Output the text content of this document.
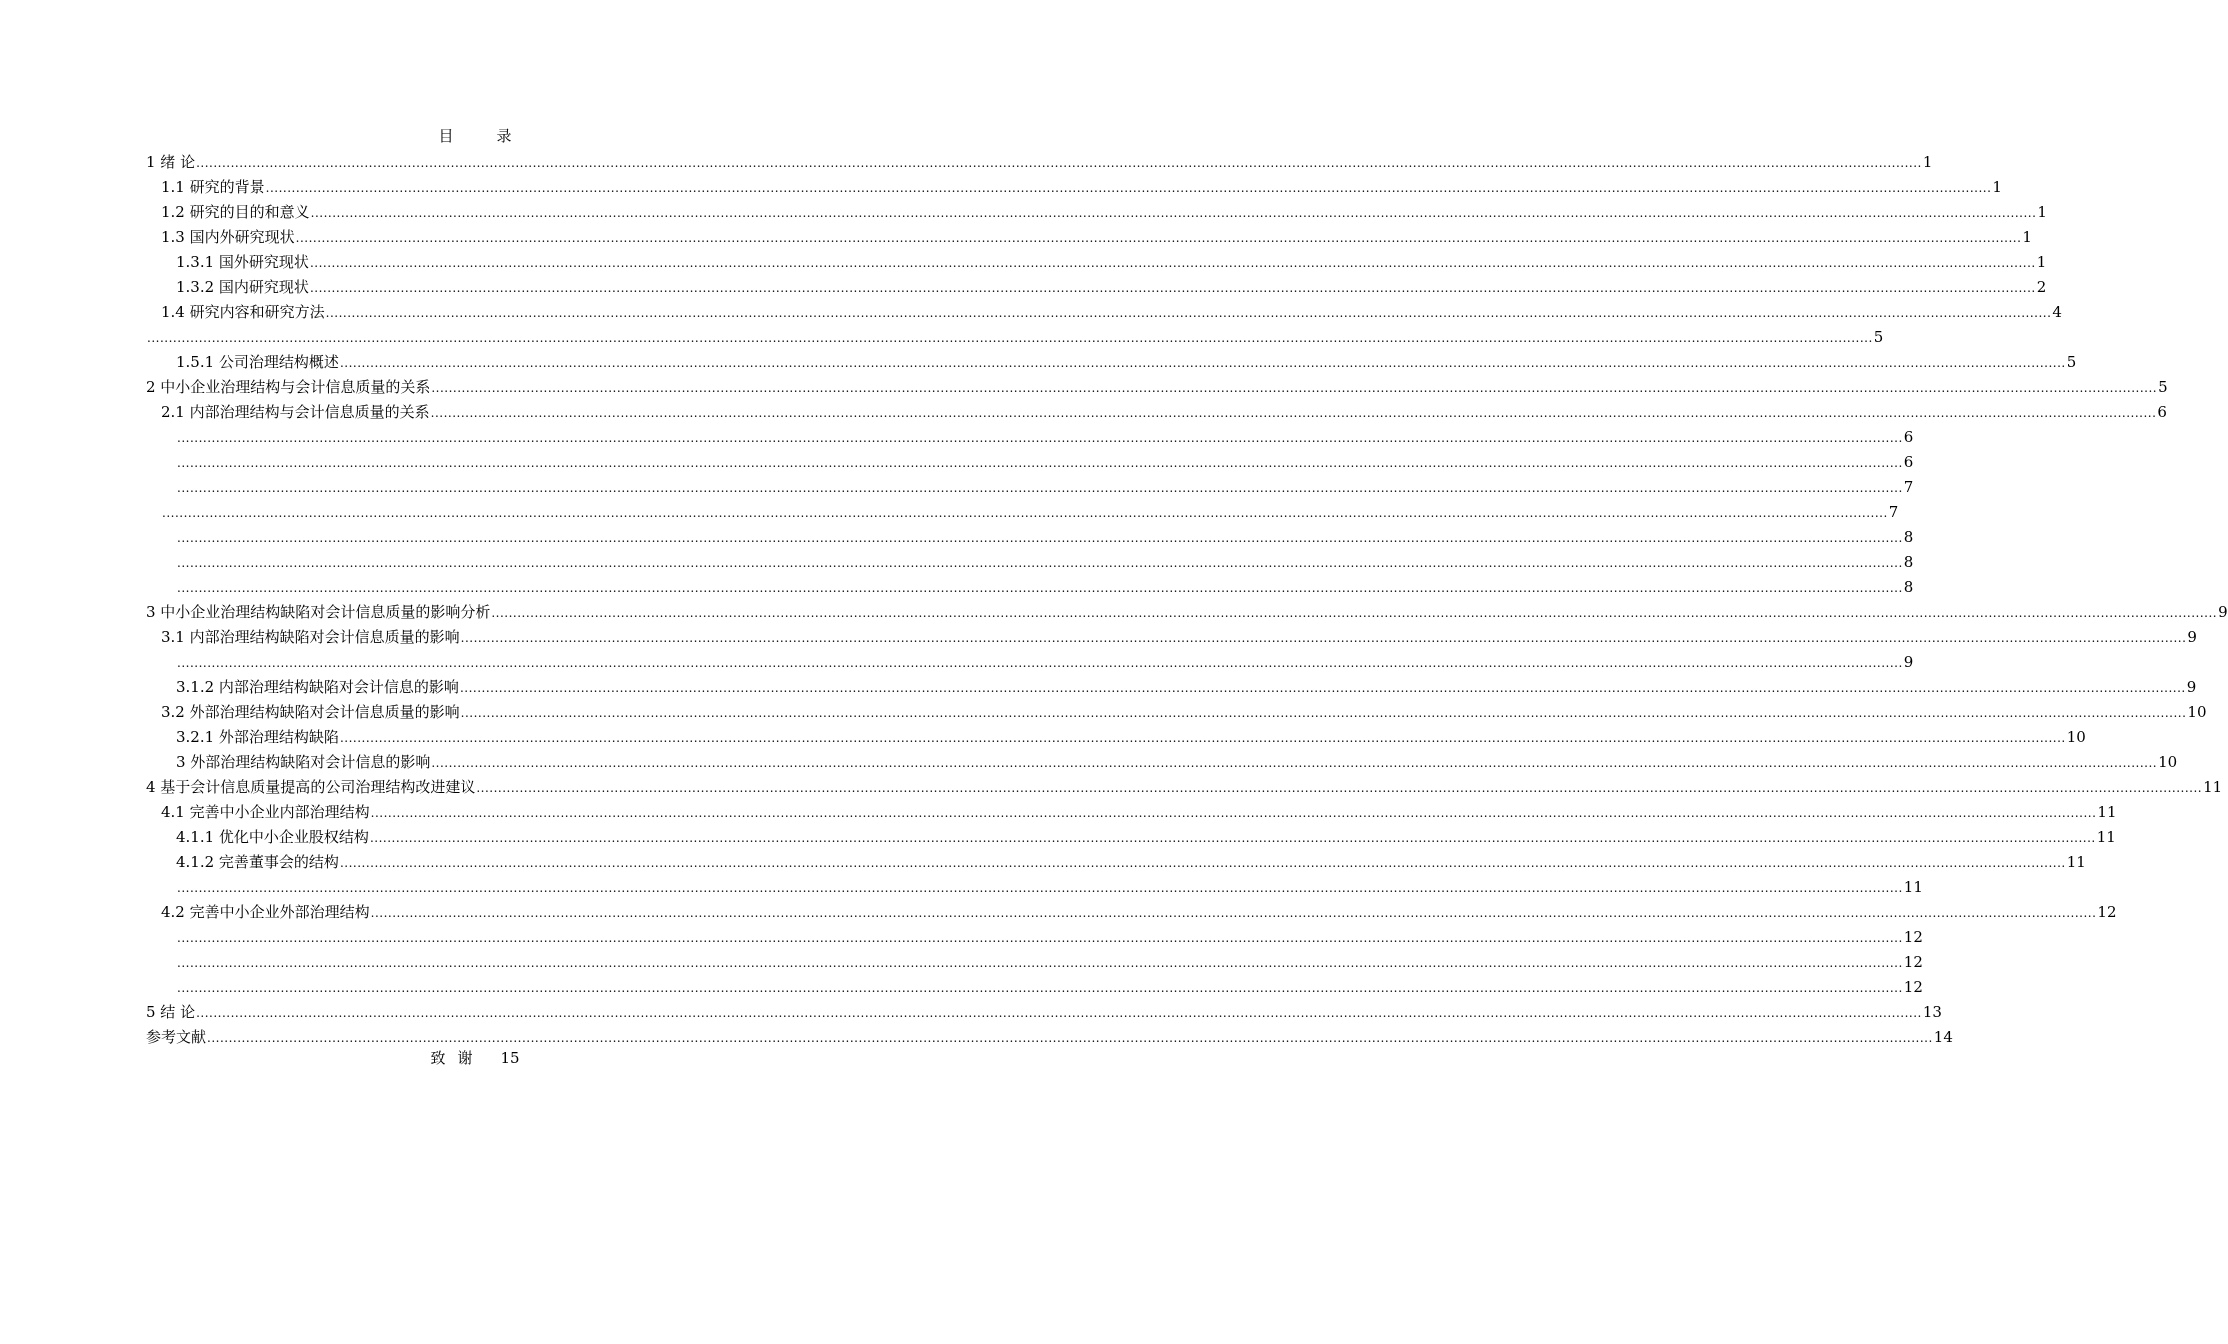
目　录
1 绪 论 ................................................................................................................................................................................................................................................................................................................................................................................................................ 1
1.1 研究的背景 ................................................................................................................................................................................................................................................................................................................................................................................................................ 1
1.2 研究的目的和意义 ................................................................................................................................................................................................................................................................................................................................................................................................................ 1
1.3 国内外研究现状 ................................................................................................................................................................................................................................................................................................................................................................................................................ 1
1.3.1 国外研究现状 ................................................................................................................................................................................................................................................................................................................................................................................................................ 1
1.3.2 国内研究现状 ................................................................................................................................................................................................................................................................................................................................................................................................................ 2
1.4 研究内容和研究方法 ................................................................................................................................................................................................................................................................................................................................................................................................................ 4
................................................................................................................................................................................................................................................................................................................................................................................................................ 5
1.5.1 公司治理结构概述 ................................................................................................................................................................................................................................................................................................................................................................................................................ 5
2 中小企业治理结构与会计信息质量的关系 ................................................................................................................................................................................................................................................................................................................................................................................................................ 5
2.1 内部治理结构与会计信息质量的关系 ................................................................................................................................................................................................................................................................................................................................................................................................................ 6
................................................................................................................................................................................................................................................................................................................................................................................................................ 6
................................................................................................................................................................................................................................................................................................................................................................................................................ 6
................................................................................................................................................................................................................................................................................................................................................................................................................ 7
................................................................................................................................................................................................................................................................................................................................................................................................................ 7
................................................................................................................................................................................................................................................................................................................................................................................................................ 8
................................................................................................................................................................................................................................................................................................................................................................................................................ 8
................................................................................................................................................................................................................................................................................................................................................................................................................ 8
3 中小企业治理结构缺陷对会计信息质量的影响分析 ................................................................................................................................................................................................................................................................................................................................................................................................................ 9
3.1 内部治理结构缺陷对会计信息质量的影响 ................................................................................................................................................................................................................................................................................................................................................................................................................ 9
................................................................................................................................................................................................................................................................................................................................................................................................................ 9
3.1.2 内部治理结构缺陷对会计信息的影响 ................................................................................................................................................................................................................................................................................................................................................................................................................ 9
3.2 外部治理结构缺陷对会计信息质量的影响 ................................................................................................................................................................................................................................................................................................................................................................................................................ 10
3.2.1 外部治理结构缺陷 ................................................................................................................................................................................................................................................................................................................................................................................................................ 10
3 外部治理结构缺陷对会计信息的影响 ................................................................................................................................................................................................................................................................................................................................................................................................................ 10
4 基于会计信息质量提高的公司治理结构改进建议 ................................................................................................................................................................................................................................................................................................................................................................................................................ 11
4.1 完善中小企业内部治理结构 ................................................................................................................................................................................................................................................................................................................................................................................................................ 11
4.1.1 优化中小企业股权结构 ................................................................................................................................................................................................................................................................................................................................................................................................................ 11
4.1.2 完善董事会的结构 ................................................................................................................................................................................................................................................................................................................................................................................................................ 11
................................................................................................................................................................................................................................................................................................................................................................................................................ 11
4.2 完善中小企业外部治理结构 ................................................................................................................................................................................................................................................................................................................................................................................................................ 12
................................................................................................................................................................................................................................................................................................................................................................................................................ 12
................................................................................................................................................................................................................................................................................................................................................................................................................ 12
................................................................................................................................................................................................................................................................................................................................................................................................................ 12
5 结 论 ................................................................................................................................................................................................................................................................................................................................................................................................................ 13
参考文献 ................................................................................................................................................................................................................................................................................................................................................................................................................ 14
致谢 15
